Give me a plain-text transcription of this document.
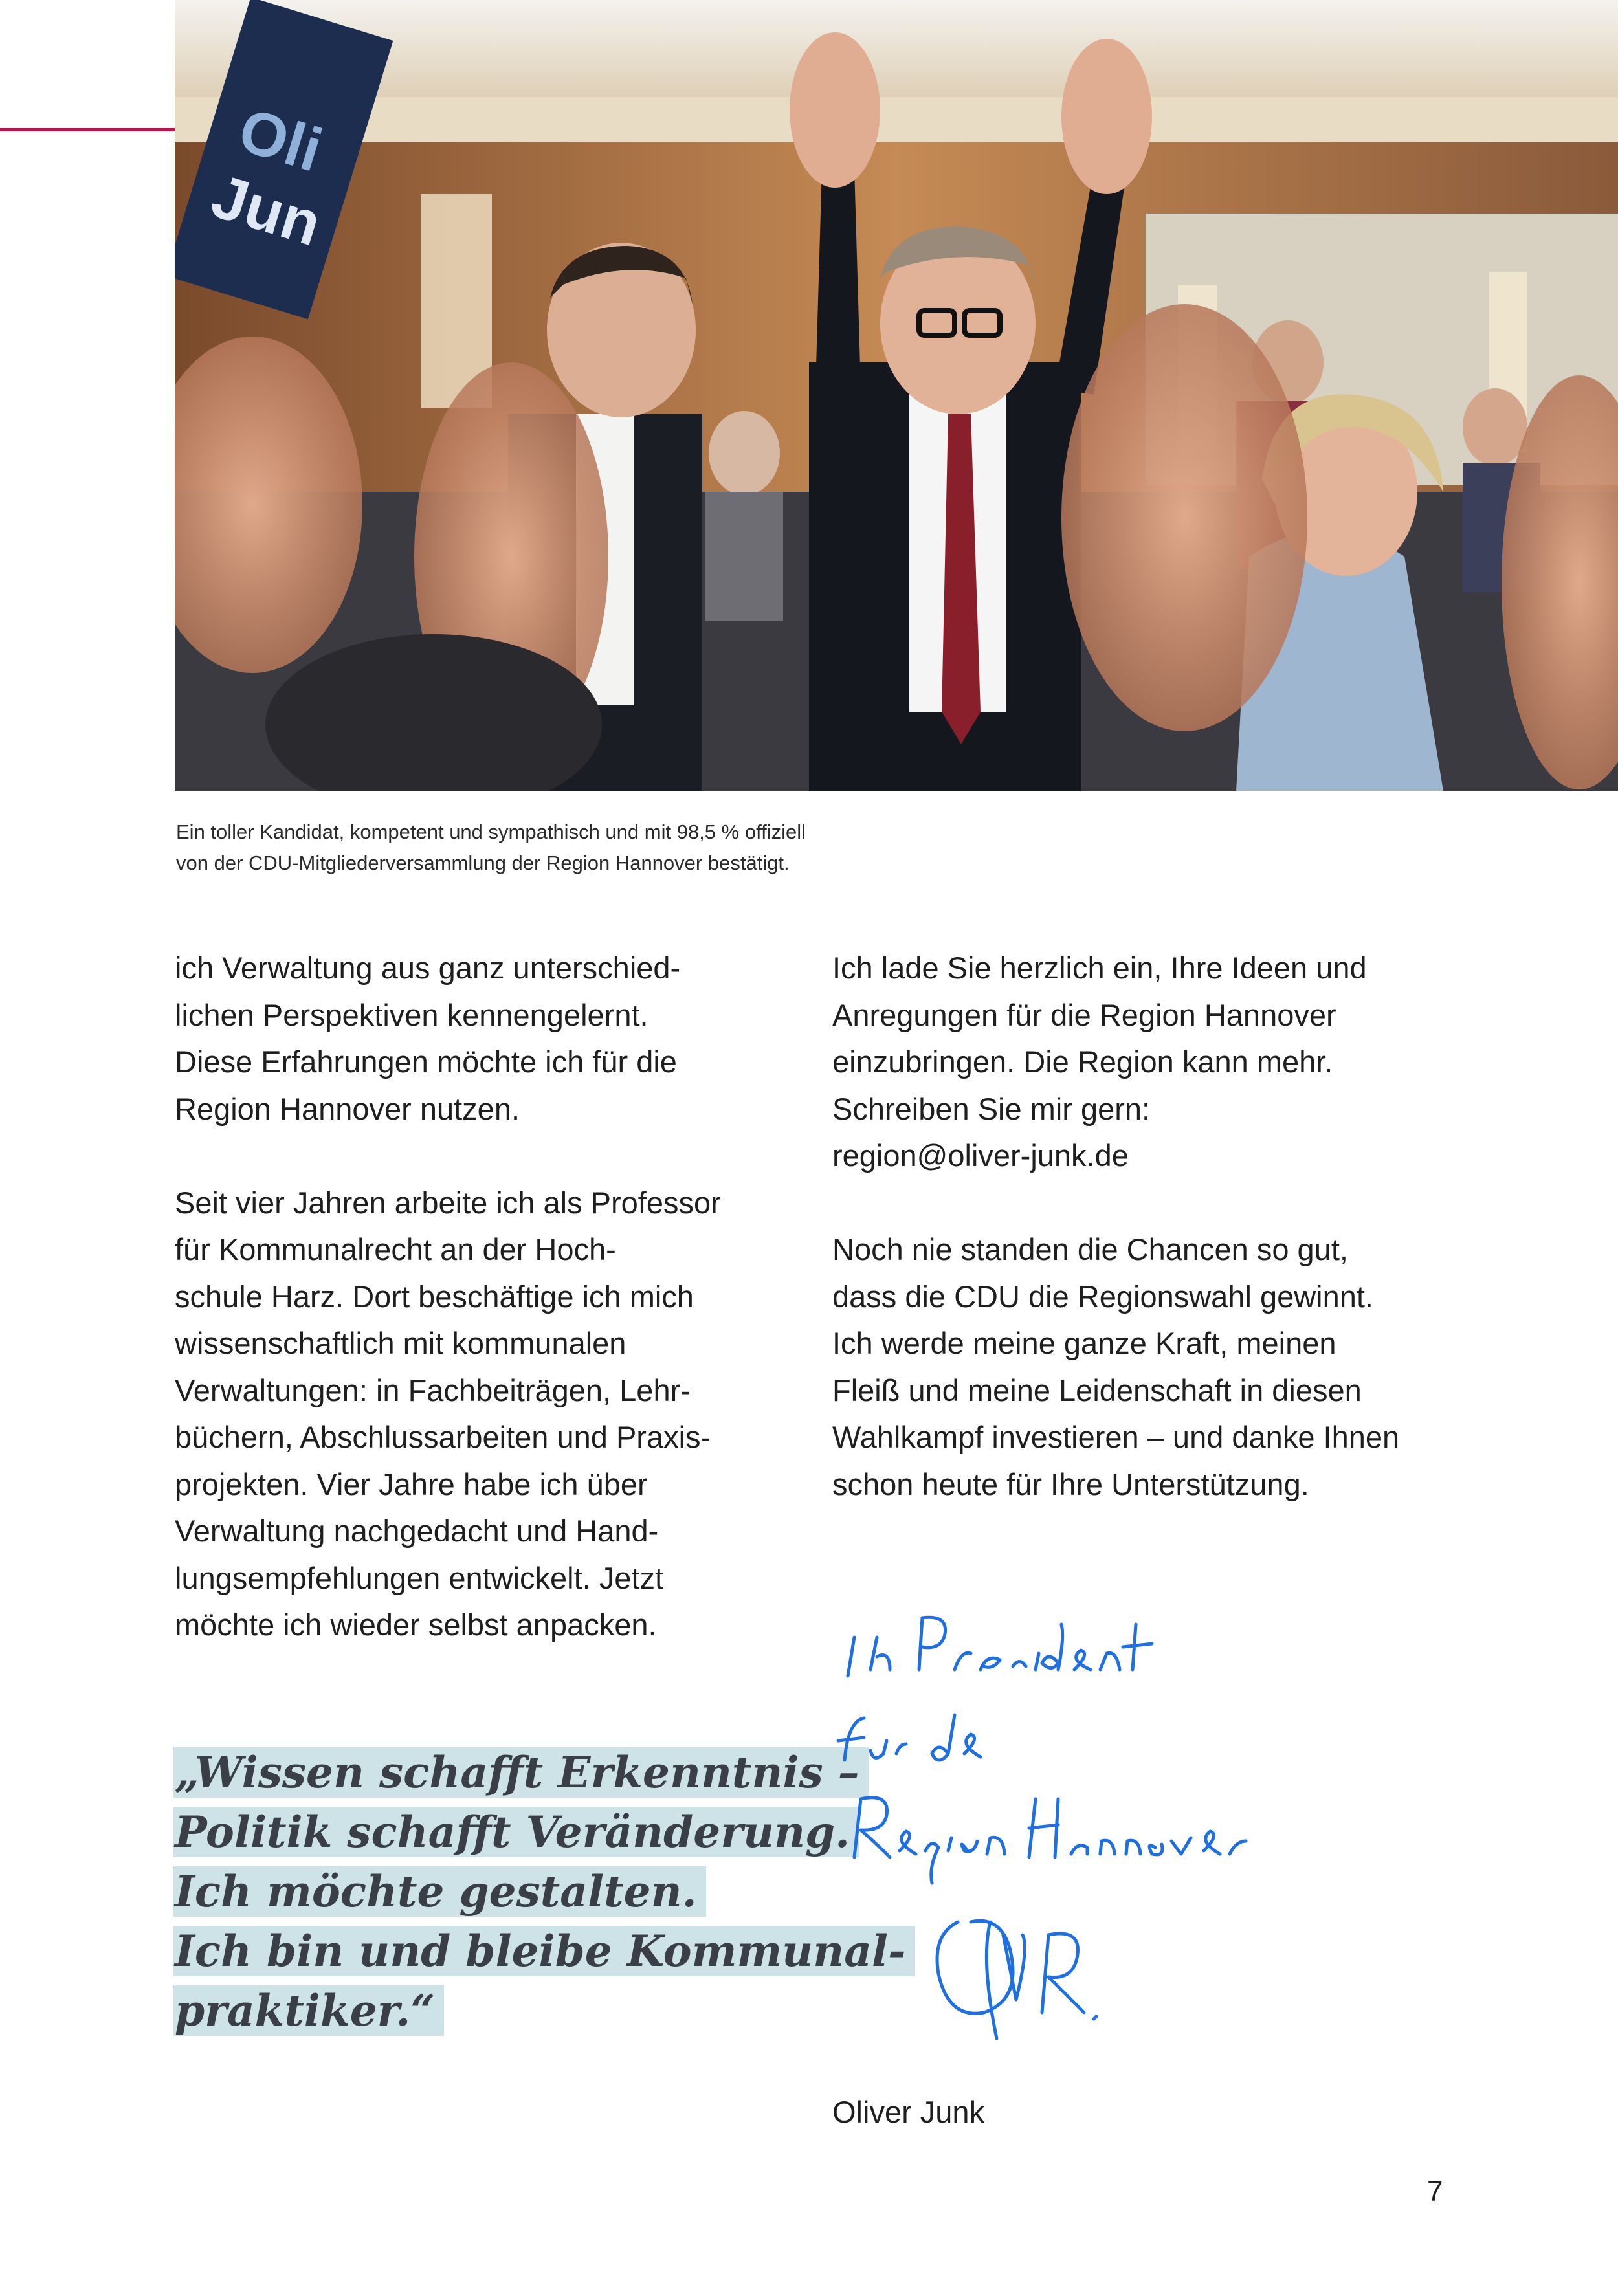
Oli
Jun
Ein toller Kandidat, kompetent und sympathisch und mit 98,5 % offiziell
von der CDU-Mitgliederversammlung der Region Hannover bestätigt.
ich Verwaltung aus ganz unterschied-
lichen Perspektiven kennengelernt.
Diese Erfahrungen möchte ich für die
Region Hannover nutzen.
Seit vier Jahren arbeite ich als Professor
für Kommunalrecht an der Hoch-
schule Harz. Dort beschäftige ich mich
wissenschaftlich mit kommunalen
Verwaltungen: in Fachbeiträgen, Lehr-
büchern, Abschlussarbeiten und Praxis-
projekten. Vier Jahre habe ich über
Verwaltung nachgedacht und Hand-
lungsempfehlungen entwickelt. Jetzt
möchte ich wieder selbst anpacken.
Ich lade Sie herzlich ein, Ihre Ideen und
Anregungen für die Region Hannover
einzubringen. Die Region kann mehr.
Schreiben Sie mir gern:
region@oliver-junk.de
Noch nie standen die Chancen so gut,
dass die CDU die Regionswahl gewinnt.
Ich werde meine ganze Kraft, meinen
Fleiß und meine Leidenschaft in diesen
Wahlkampf investieren – und danke Ihnen
schon heute für Ihre Unterstützung.
„Wissen schafft Erkenntnis –
Politik schafft Veränderung.
Ich möchte gestalten.
Ich bin und bleibe Kommunal-
praktiker.“
Oliver Junk
7
